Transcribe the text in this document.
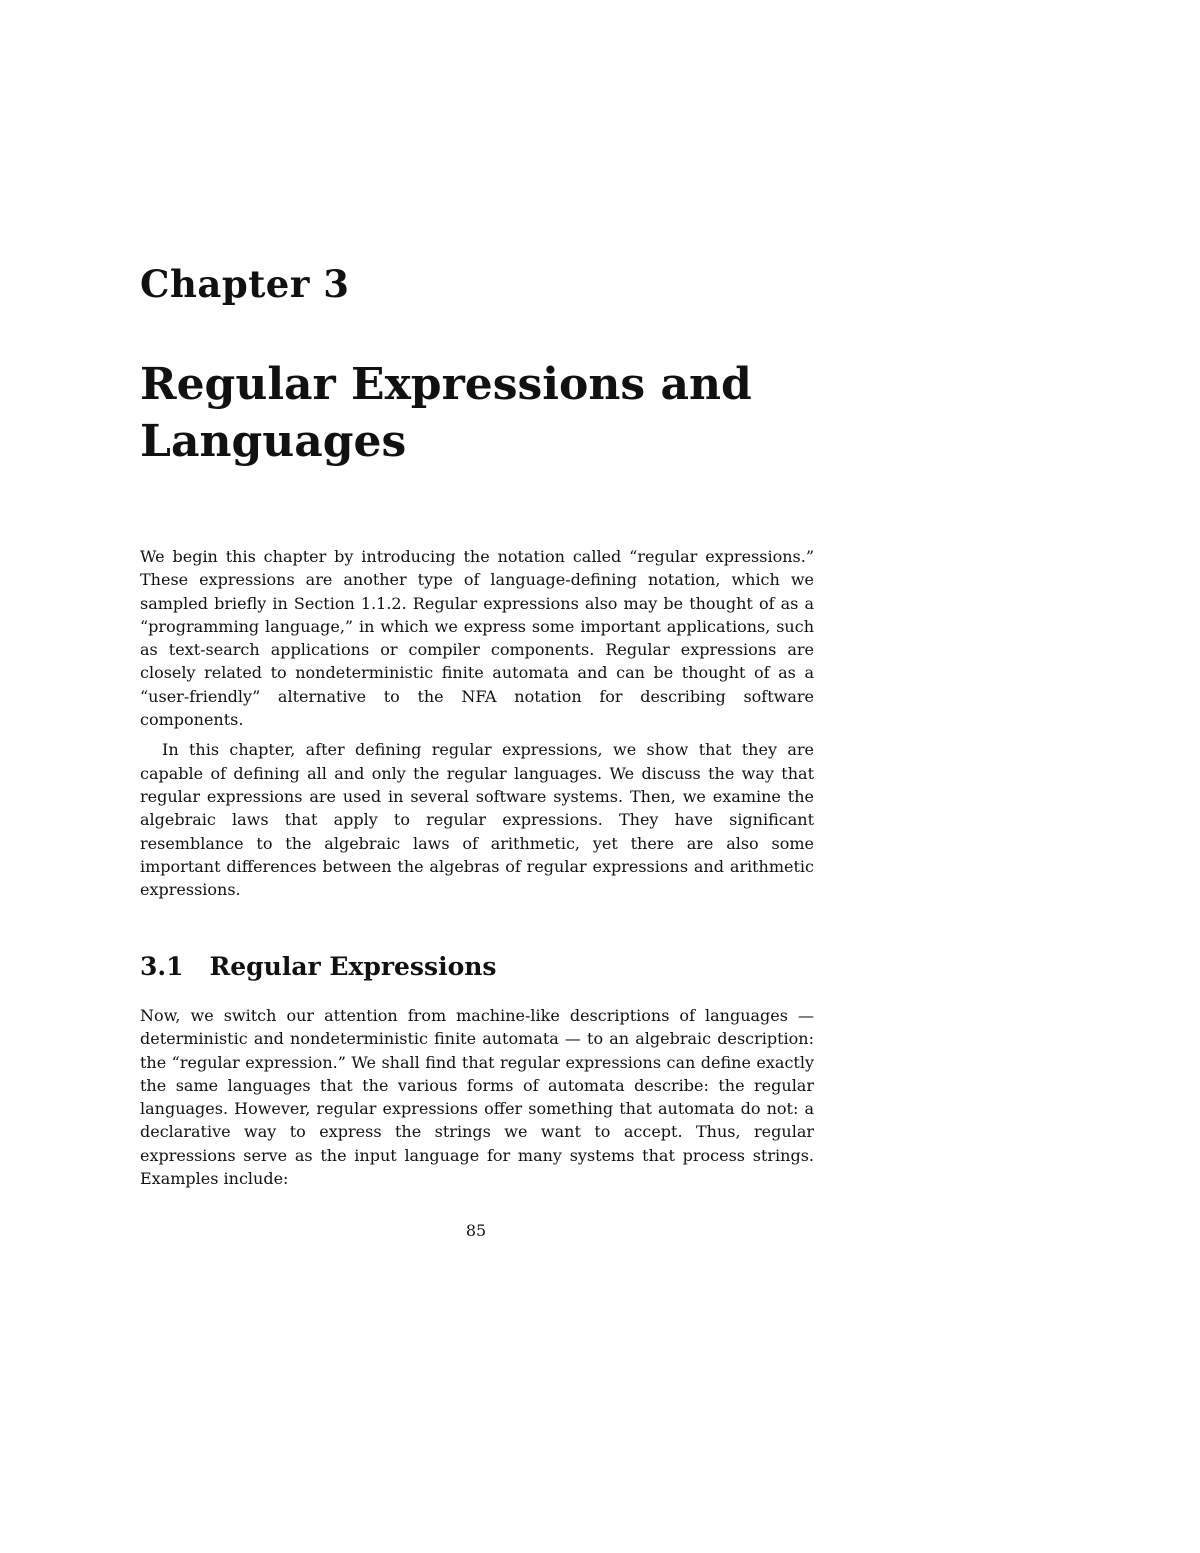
Chapter 3
Regular Expressions and Languages

We begin this chapter by introducing the notation called “regular expressions.” These expressions are another type of language-defining notation, which we sampled briefly in Section 1.1.2. Regular expressions also may be thought of as a “programming language,” in which we express some important applications, such as text-search applications or compiler components. Regular expressions are closely related to nondeterministic finite automata and can be thought of as a “user-friendly” alternative to the NFA notation for describing software components.

In this chapter, after defining regular expressions, we show that they are capable of defining all and only the regular languages. We discuss the way that regular expressions are used in several software systems. Then, we examine the algebraic laws that apply to regular expressions. They have significant resemblance to the algebraic laws of arithmetic, yet there are also some important differences between the algebras of regular expressions and arithmetic expressions.

3.1 Regular Expressions

Now, we switch our attention from machine-like descriptions of languages — deterministic and nondeterministic finite automata — to an algebraic description: the “regular expression.” We shall find that regular expressions can define exactly the same languages that the various forms of automata describe: the regular languages. However, regular expressions offer something that automata do not: a declarative way to express the strings we want to accept. Thus, regular expressions serve as the input language for many systems that process strings. Examples include:

85
